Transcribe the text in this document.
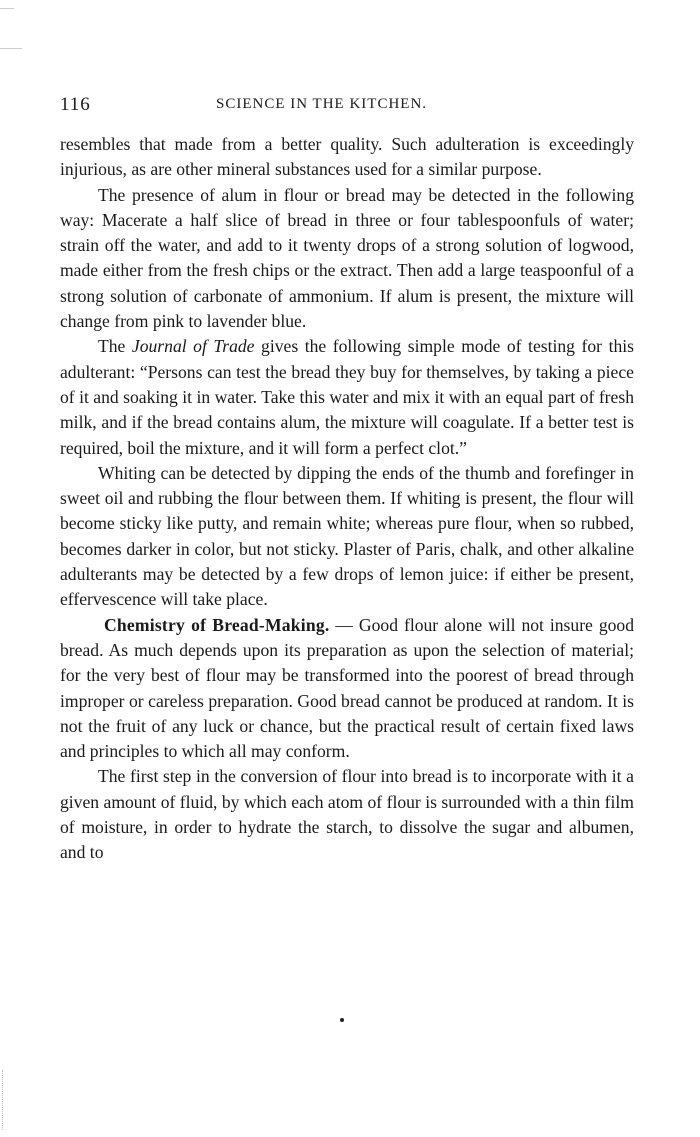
116	SCIENCE IN THE KITCHEN.

resembles that made from a better quality. Such adulteration is exceedingly injurious, as are other mineral substances used for a similar purpose.

The presence of alum in flour or bread may be detected in the following way: Macerate a half slice of bread in three or four tablespoonfuls of water; strain off the water, and add to it twenty drops of a strong solution of logwood, made either from the fresh chips or the extract. Then add a large teaspoonful of a strong solution of carbonate of ammonium. If alum is present, the mixture will change from pink to lavender blue.

The Journal of Trade gives the following simple mode of testing for this adulterant: “Persons can test the bread they buy for themselves, by taking a piece of it and soaking it in water. Take this water and mix it with an equal part of fresh milk, and if the bread contains alum, the mixture will coagulate. If a better test is required, boil the mixture, and it will form a perfect clot.”

Whiting can be detected by dipping the ends of the thumb and forefinger in sweet oil and rubbing the flour between them. If whiting is present, the flour will become sticky like putty, and remain white; whereas pure flour, when so rubbed, becomes darker in color, but not sticky. Plaster of Paris, chalk, and other alkaline adulterants may be detected by a few drops of lemon juice: if either be present, effervescence will take place.

Chemistry of Bread-Making. — Good flour alone will not insure good bread. As much depends upon its preparation as upon the selection of material; for the very best of flour may be transformed into the poorest of bread through improper or careless preparation. Good bread cannot be produced at random. It is not the fruit of any luck or chance, but the practical result of certain fixed laws and principles to which all may conform.

The first step in the conversion of flour into bread is to incorporate with it a given amount of fluid, by which each atom of flour is surrounded with a thin film of moisture, in order to hydrate the starch, to dissolve the sugar and albumen, and to
